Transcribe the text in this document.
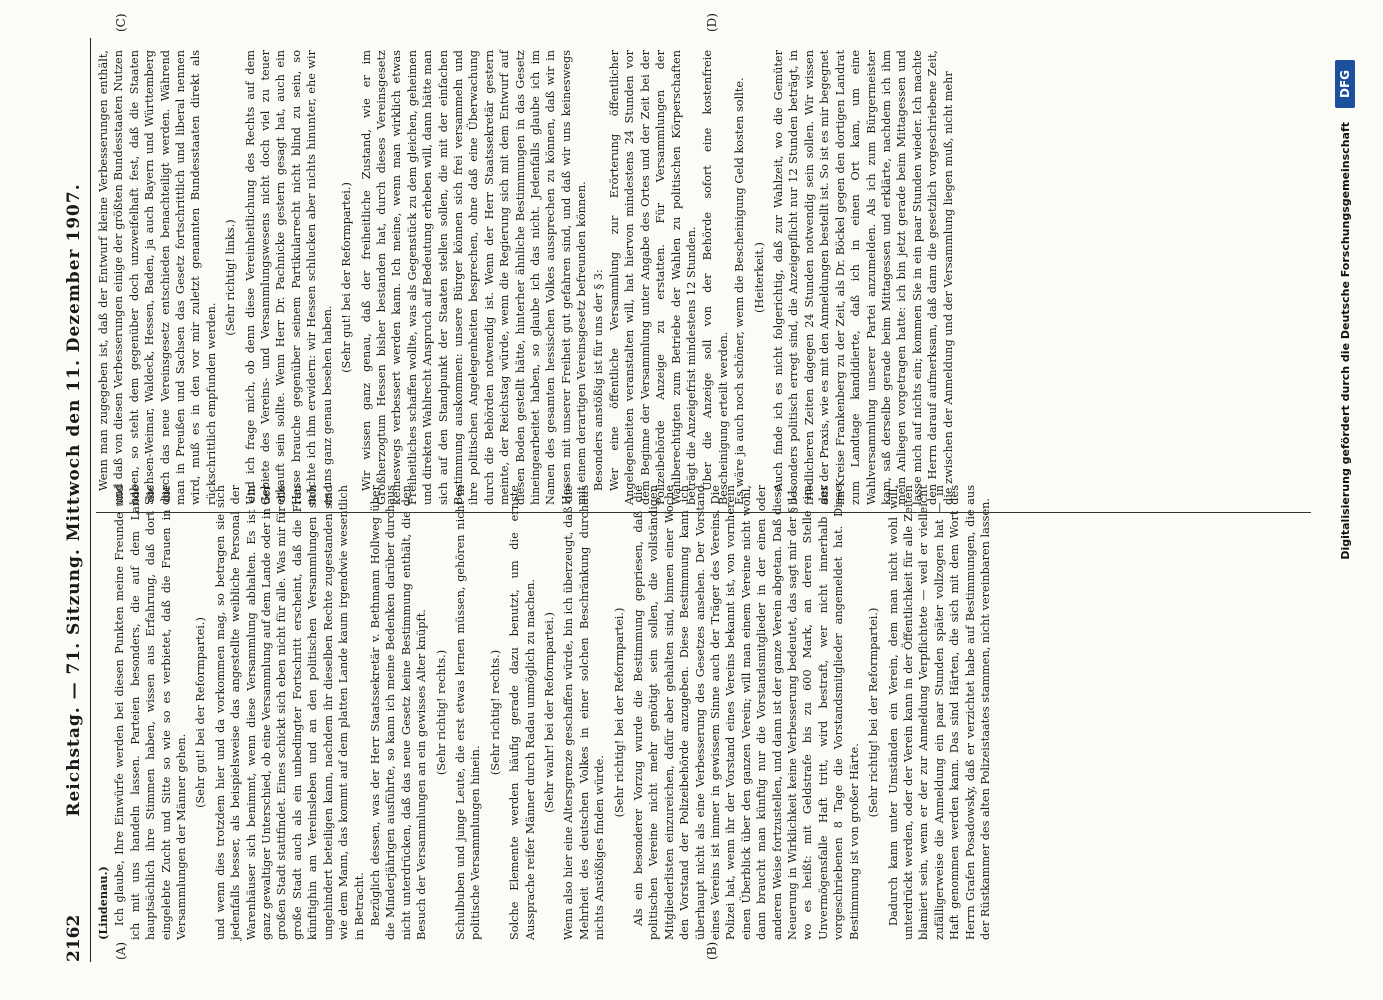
2162
Reichstag. — 71. Sitzung. Mittwoch den 11. Dezember 1907.
(A)	(B)
(C)	(D)

(Lindenau.) Ich glaube, Ihre Einwürfe werden bei diesen Punkten meine Freunde und ich mit uns handeln lassen. Parteien besonders, die auf dem Lande hauptsächlich ihre Stimmen haben, wissen aus Erfahrung, daß dort die eingelebte Zucht und Sitte so wie so es verbietet, daß die Frauen in die Versammlungen der Männer gehen.

(Sehr gut! bei der Reformpartei.) und wenn dies trotzdem hier und da vorkommen mag, so betragen sie sich jedenfalls besser, als beispielsweise das angestellte weibliche Personal der Warenhäuser sich benimmt, wenn diese Versammlung abhalten. Es ist ein ganz gewaltiger Unterschied, ob eine Versammlung auf dem Lande oder in der großen Stadt stattfindet. Eines schickt sich eben nicht für alle. Was mir für die große Stadt auch als ein unbedingter Fortschritt erscheint, daß die Frau künftighin am Vereinsleben und an den politischen Versammlungen sich ungehindert beteiligen kann, nachdem ihr dieselben Rechte zugestanden sind wie dem Mann, das kommt auf dem platten Lande kaum irgendwie wesentlich in Betracht. Bezüglich dessen, was der Herr Staatssekretär v. Bethmann Hollweg über die Minderjährigen ausführte, so kann ich meine Bedenken darüber durchaus nicht unterdrücken, daß das neue Gesetz keine Bestimmung enthält, die den Besuch der Versammlungen an ein gewisses Alter knüpft. (Sehr richtig! rechts.) Schulbuben und junge Leute, die erst etwas lernen müssen, gehören nicht in politische Versammlungen hinein.

(Sehr richtig! rechts.) Solche Elemente werden häufig gerade dazu benutzt, um die ernste Aussprache reifer Männer durch Radau unmöglich zu machen. (Sehr wahr! bei der Reformpartei.) Wenn also hier eine Altersgrenze geschaffen würde, bin ich überzeugt, daß die Mehrheit des deutschen Volkes in einer solchen Beschränkung durchaus nichts Anstößiges finden würde.

(Sehr richtig! bei der Reformpartei.) Als ein besonderer Vorzug wurde die Bestimmung gepriesen, daß die politischen Vereine nicht mehr genötigt sein sollen, die vollständigen Mitgliederlisten einzureichen, dafür aber gehalten sind, binnen einer Woche den Vorstand der Polizeibehörde anzugeben. Diese Bestimmung kann ich überhaupt nicht als eine Verbesserung des Gesetzes ansehen. Der Vorstand eines Vereins ist immer in gewissem Sinne auch der Träger des Vereins. Die Polizei hat, wenn ihr der Vorstand eines Vereins bekannt ist, von vornherein einen Überblick über den ganzen Verein; will man einem Vereine nicht wohl, dann braucht man künftig nur die Vorstandsmitglieder in der einen oder anderen Weise fortzustellen, und dann ist der ganze Verein abgetan. Daß diese Neuerung in Wirklichkeit keine Verbesserung bedeutet, das sagt mir der § 11, wo es heißt: mit Geldstrafe bis zu 600 Mark, an deren Stelle im Unvermögensfalle Haft tritt, wird bestraft, wer nicht innerhalb der vorgeschriebenen 8 Tage die Vorstandsmitglieder angemeldet hat. Diese Bestimmung ist von großer Härte.

(Sehr richtig! bei der Reformpartei.) Dadurch kann unter Umständen ein Verein, dem man nicht wohl will, unterdrückt werden, oder der Verein kann in der Öffentlichkeit für alle Zeiten blamiert sein, wenn er der zur Anmeldung Verpflichtete — weil er vielleicht zufälligerweise die Anmeldung ein paar Stunden später vollzogen hat — in Haft genommen werden kann. Das sind Härten, die sich mit dem Wort des Herrn Grafen Posadowsky, daß er verzichtet habe auf Bestimmungen, die aus der Rüstkammer des alten Polizeistaates stammen, nicht vereinbaren lassen.

Wenn man zugegeben ist, daß der Entwurf kleine Verbesserungen enthält, und daß von diesen Verbesserungen einige der größten Bundesstaaten Nutzen haben, so steht dem gegenüber doch unzweifelhaft fest, daß die Staaten Sachsen-Weimar, Waldeck, Hessen, Baden, ja auch Bayern und Württemberg durch das neue Vereinsgesetz entschieden benachteiligt werden. Während man in Preußen und Sachsen das Gesetz fortschrittlich und liberal nennen wird, muß es in den vor mir zuletzt genannten Bundesstaaten direkt als rückschrittlich empfunden werden.

(Sehr richtig! links.) Und ich frage mich, ob denn diese Vereinheitlichung des Rechts auf dem Gebiete des Vereins- und Versammlungswesens nicht doch viel zu teuer erkauft sein sollte. Wenn Herr Dr. Pachnicke gestern gesagt hat, auch ein Hesse brauche gegenüber seinem Partikularrecht nicht blind zu sein, so möchte ich ihm erwidern: wir Hessen schlucken aber nichts hinunter, ehe wir es uns ganz genau besehen haben.

(Sehr gut! bei der Reformpartei.) Wir wissen ganz genau, daß der freiheitliche Zustand, wie er im Großherzogtum Hessen bisher bestanden hat, durch dieses Vereinsgesetz keineswegs verbessert werden kann. Ich meine, wenn man wirklich etwas Freiheitliches schaffen wollte, was als Gegenstück zu dem gleichen, geheimen und direkten Wahlrecht Anspruch auf Bedeutung erheben will, dann hätte man sich auf den Standpunkt der Staaten stellen sollen, die mit der einfachen Bestimmung auskommen: unsere Bürger können sich frei versammeln und ihre politischen Angelegenheiten besprechen, ohne daß eine Überwachung durch die Behörden notwendig ist. Wenn der Herr Staatssekretär gestern meinte, der Reichstag würde, wenn die Regierung sich mit dem Entwurf auf diesen Boden gestellt hätte, hinterher ähnliche Bestimmungen in das Gesetz hineingearbeitet haben, so glaube ich das nicht. Jedenfalls glaube ich im Namen des gesamten hessischen Volkes aussprechen zu können, daß wir in Hessen mit unserer Freiheit gut gefahren sind, und daß wir uns keineswegs mit einem derartigen Vereinsgesetz befreunden können. Besonders anstößig ist für uns der § 3: Wer eine öffentliche Versammlung zur Erörterung öffentlicher Angelegenheiten veranstalten will, hat hiervon mindestens 24 Stunden vor dem Beginne der Versammlung unter Angabe des Ortes und der Zeit bei der Polizeibehörde Anzeige zu erstatten. Für Versammlungen der Wahlberechtigten zum Betriebe der Wahlen zu politischen Körperschaften beträgt die Anzeigefrist mindestens 12 Stunden. Über die Anzeige soll von der Behörde sofort eine kostenfreie Bescheinigung erteilt werden. Es wäre ja auch noch schöner, wenn die Bescheinigung Geld kosten sollte. (Heiterkeit.) Auch finde ich es nicht folgerichtig, daß zur Wahlzeit, wo die Gemüter besonders politisch erregt sind, die Anzeigepflicht nur 12 Stunden beträgt, in friedlicheren Zeiten dagegen 24 Stunden notwendig sein sollen. Wir wissen aus der Praxis, wie es mit den Anmeldungen bestellt ist. So ist es mir begegnet im Kreise Frankenberg zu der Zeit, als Dr. Böckel gegen den dortigen Landrat zum Landtage kandidierte, daß ich in einen Ort kam, um eine Wahlversammlung unserer Partei anzumelden. Als ich zum Bürgermeister kam, saß derselbe gerade beim Mittagessen und erklärte, nachdem ich ihm mein Anliegen vorgetragen hatte: ich bin jetzt gerade beim Mittagessen und lasse mich auf nichts ein; kommen Sie in ein paar Stunden wieder. Ich machte den Herrn darauf aufmerksam, daß dann die gesetzlich vorgeschriebene Zeit, die zwischen der Anmeldung und der Versammlung liegen muß, nicht mehr	Digitalisierung gefördert durch die Deutsche Forschungsgemeinschaft
DFG
